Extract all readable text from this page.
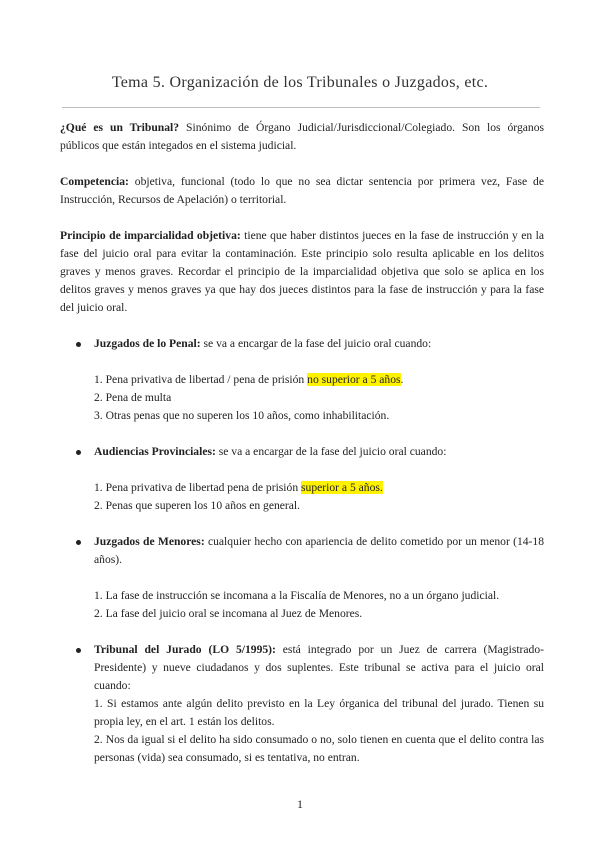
Tema 5. Organización de los Tribunales o Juzgados, etc.

¿Qué es un Tribunal? Sinónimo de Órgano Judicial/Jurisdiccional/Colegiado. Son los órganos públicos que están integados en el sistema judicial.

Competencia: objetiva, funcional (todo lo que no sea dictar sentencia por primera vez, Fase de Instrucción, Recursos de Apelación) o territorial.

Principio de imparcialidad objetiva: tiene que haber distintos jueces en la fase de instrucción y en la fase del juicio oral para evitar la contaminación. Este principio solo resulta aplicable en los delitos graves y menos graves. Recordar el principio de la imparcialidad objetiva que solo se aplica en los delitos graves y menos graves ya que hay dos jueces distintos para la fase de instrucción y para la fase del juicio oral.

Juzgados de lo Penal: se va a encargar de la fase del juicio oral cuando:

1. Pena privativa de libertad / pena de prisión no superior a 5 años.

2. Pena de multa

3. Otras penas que no superen los 10 años, como inhabilitación.

Audiencias Provinciales: se va a encargar de la fase del juicio oral cuando:

1. Pena privativa de libertad pena de prisión superior a 5 años.

2. Penas que superen los 10 años en general.

Juzgados de Menores: cualquier hecho con apariencia de delito cometido por un menor (14-18 años).

1. La fase de instrucción se incomana a la Fiscalía de Menores, no a un órgano judicial.

2. La fase del juicio oral se incomana al Juez de Menores.

Tribunal del Jurado (LO 5/1995): está integrado por un Juez de carrera (Magistrado-Presidente) y nueve ciudadanos y dos suplentes. Este tribunal se activa para el juicio oral cuando:

1. Si estamos ante algún delito previsto en la Ley órganica del tribunal del jurado. Tienen su propia ley, en el art. 1 están los delitos.

2. Nos da igual si el delito ha sido consumado o no, solo tienen en cuenta que el delito contra las personas (vida) sea consumado, si es tentativa, no entran.

1
